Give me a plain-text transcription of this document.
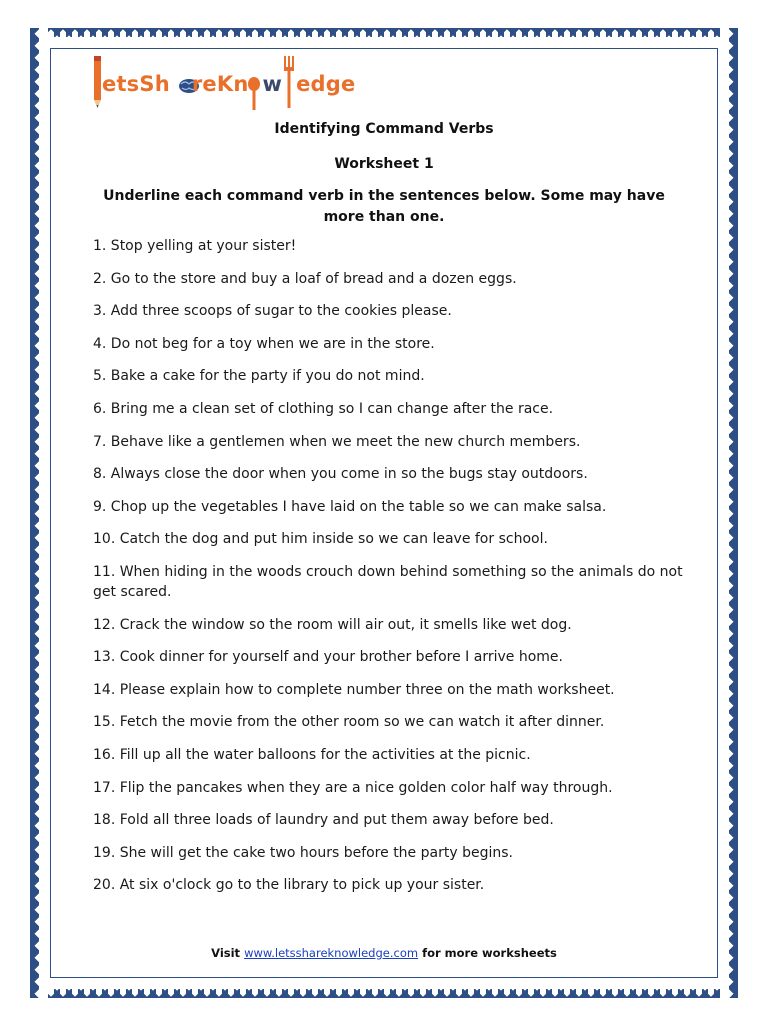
etsSh reKn w edge
Identifying Command Verbs
Worksheet 1
Underline each command verb in the sentences below. Some may have more than one.
1. Stop yelling at your sister!
2. Go to the store and buy a loaf of bread and a dozen eggs.
3. Add three scoops of sugar to the cookies please.
4. Do not beg for a toy when we are in the store.
5. Bake a cake for the party if you do not mind.
6. Bring me a clean set of clothing so I can change after the race.
7. Behave like a gentlemen when we meet the new church members.
8. Always close the door when you come in so the bugs stay outdoors.
9. Chop up the vegetables I have laid on the table so we can make salsa.
10. Catch the dog and put him inside so we can leave for school.
11. When hiding in the woods crouch down behind something so the animals do not get scared.
12. Crack the window so the room will air out, it smells like wet dog.
13. Cook dinner for yourself and your brother before I arrive home.
14. Please explain how to complete number three on the math worksheet.
15. Fetch the movie from the other room so we can watch it after dinner.
16. Fill up all the water balloons for the activities at the picnic.
17. Flip the pancakes when they are a nice golden color half way through.
18. Fold all three loads of laundry and put them away before bed.
19. She will get the cake two hours before the party begins.
20. At six o'clock go to the library to pick up your sister.
Visit www.letsshareknowledge.com for more worksheets
